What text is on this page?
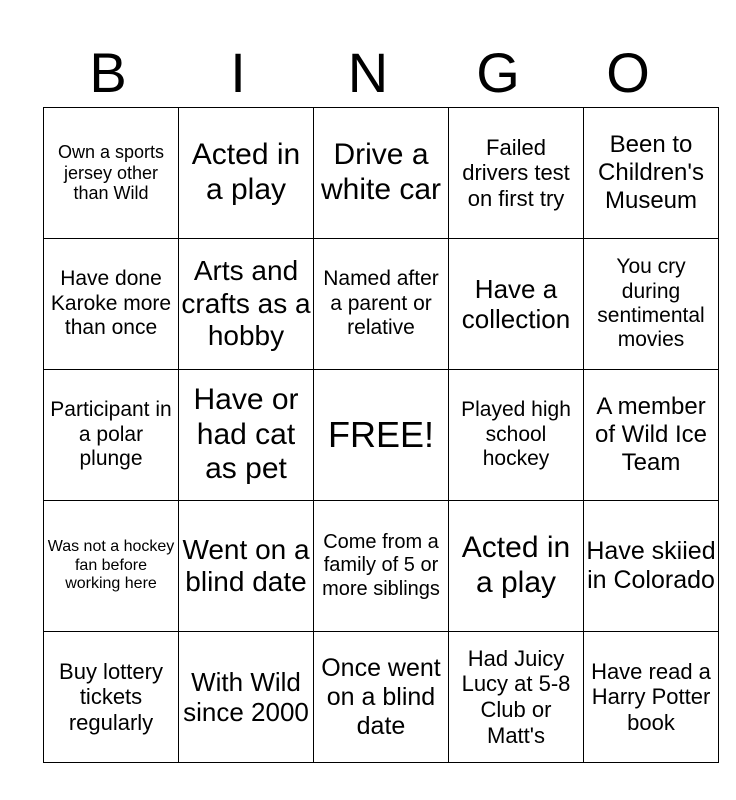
B	I	N	G	O
Own a sports jersey other than Wild	Acted in a play	Drive a white car	Failed drivers test on first try	Been to Children's Museum
Have done Karoke more than once	Arts and crafts as a hobby	Named after a parent or relative	Have a collection	You cry during sentimental movies
Participant in a polar plunge	Have or had cat as pet	FREE!	Played high school hockey	A member of Wild Ice Team
Was not a hockey fan before working here	Went on a blind date	Come from a family of 5 or more siblings	Acted in a play	Have skiied in Colorado
Buy lottery tickets regularly	With Wild since 2000	Once went on a blind date	Had Juicy Lucy at 5-8 Club or Matt's	Have read a Harry Potter book
